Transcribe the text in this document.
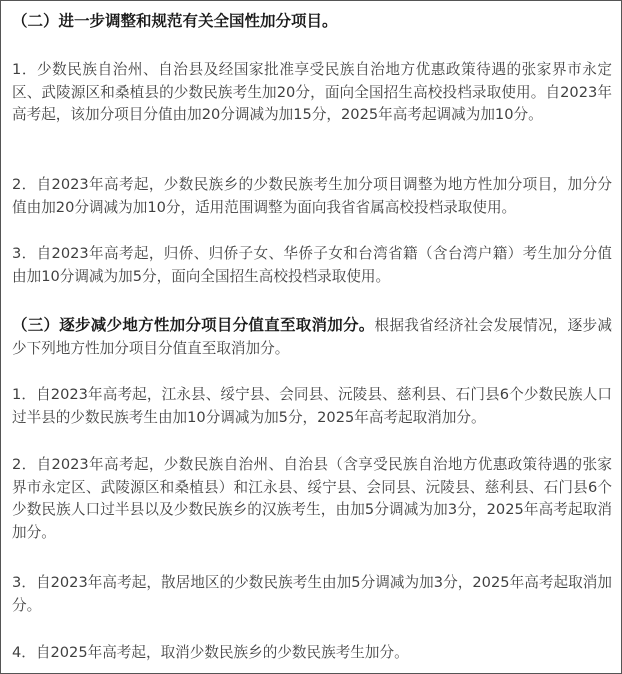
（二）进一步调整和规范有关全国性加分项目。

1．少数民族自治州、自治县及经国家批准享受民族自治地方优惠政策待遇的张家界市永定区、武陵源区和桑植县的少数民族考生加20分，面向全国招生高校投档录取使用。自2023年高考起，该加分项目分值由加20分调减为加15分，2025年高考起调减为加10分。

2．自2023年高考起，少数民族乡的少数民族考生加分项目调整为地方性加分项目，加分分值由加20分调减为加10分，适用范围调整为面向我省省属高校投档录取使用。

3．自2023年高考起，归侨、归侨子女、华侨子女和台湾省籍（含台湾户籍）考生加分分值由加10分调减为加5分，面向全国招生高校投档录取使用。

（三）逐步减少地方性加分项目分值直至取消加分。根据我省经济社会发展情况，逐步减少下列地方性加分项目分值直至取消加分。

1．自2023年高考起，江永县、绥宁县、会同县、沅陵县、慈利县、石门县6个少数民族人口过半县的少数民族考生由加10分调减为加5分，2025年高考起取消加分。

2．自2023年高考起，少数民族自治州、自治县（含享受民族自治地方优惠政策待遇的张家界市永定区、武陵源区和桑植县）和江永县、绥宁县、会同县、沅陵县、慈利县、石门县6个少数民族人口过半县以及少数民族乡的汉族考生，由加5分调减为加3分，2025年高考起取消加分。

3．自2023年高考起，散居地区的少数民族考生由加5分调减为加3分，2025年高考起取消加分。

4．自2025年高考起，取消少数民族乡的少数民族考生加分。
